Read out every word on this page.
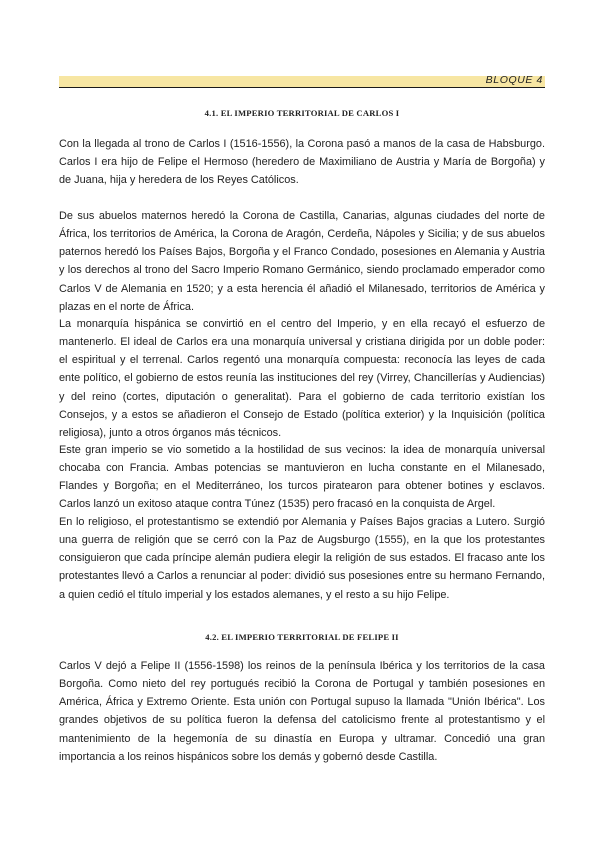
BLOQUE 4
4.1. EL IMPERIO TERRITORIAL DE CARLOS I

Con la llegada al trono de Carlos I (1516-1556), la Corona pasó a manos de la casa de Habsburgo. Carlos I era hijo de Felipe el Hermoso (heredero de Maximiliano de Austria y María de Borgoña) y de Juana, hija y heredera de los Reyes Católicos.

De sus abuelos maternos heredó la Corona de Castilla, Canarias, algunas ciudades del norte de África, los territorios de América, la Corona de Aragón, Cerdeña, Nápoles y Sicilia; y de sus abuelos paternos heredó los Países Bajos, Borgoña y el Franco Condado, posesiones en Alemania y Austria y los derechos al trono del Sacro Imperio Romano Germánico, siendo proclamado emperador como Carlos V de Alemania en 1520; y a esta herencia él añadió el Milanesado, territorios de América y plazas en el norte de África.

La monarquía hispánica se convirtió en el centro del Imperio, y en ella recayó el esfuerzo de mantenerlo. El ideal de Carlos era una monarquía universal y cristiana dirigida por un doble poder: el espiritual y el terrenal. Carlos regentó una monarquía compuesta: reconocía las leyes de cada ente político, el gobierno de estos reunía las instituciones del rey (Virrey, Chancillerías y Audiencias) y del reino (cortes, diputación o generalitat). Para el gobierno de cada territorio existían los Consejos, y a estos se añadieron el Consejo de Estado (política exterior) y la Inquisición (política religiosa), junto a otros órganos más técnicos.

Este gran imperio se vio sometido a la hostilidad de sus vecinos: la idea de monarquía universal chocaba con Francia. Ambas potencias se mantuvieron en lucha constante en el Milanesado, Flandes y Borgoña; en el Mediterráneo, los turcos piratearon para obtener botines y esclavos. Carlos lanzó un exitoso ataque contra Túnez (1535) pero fracasó en la conquista de Argel.

En lo religioso, el protestantismo se extendió por Alemania y Países Bajos gracias a Lutero. Surgió una guerra de religión que se cerró con la Paz de Augsburgo (1555), en la que los protestantes consiguieron que cada príncipe alemán pudiera elegir la religión de sus estados. El fracaso ante los protestantes llevó a Carlos a renunciar al poder: dividió sus posesiones entre su hermano Fernando, a quien cedió el título imperial y los estados alemanes, y el resto a su hijo Felipe.

4.2. EL IMPERIO TERRITORIAL DE FELIPE II

Carlos V dejó a Felipe II (1556-1598) los reinos de la península Ibérica y los territorios de la casa Borgoña. Como nieto del rey portugués recibió la Corona de Portugal y también posesiones en América, África y Extremo Oriente. Esta unión con Portugal supuso la llamada "Unión Ibérica". Los grandes objetivos de su política fueron la defensa del catolicismo frente al protestantismo y el mantenimiento de la hegemonía de su dinastía en Europa y ultramar. Concedió una gran importancia a los reinos hispánicos sobre los demás y gobernó desde Castilla.
